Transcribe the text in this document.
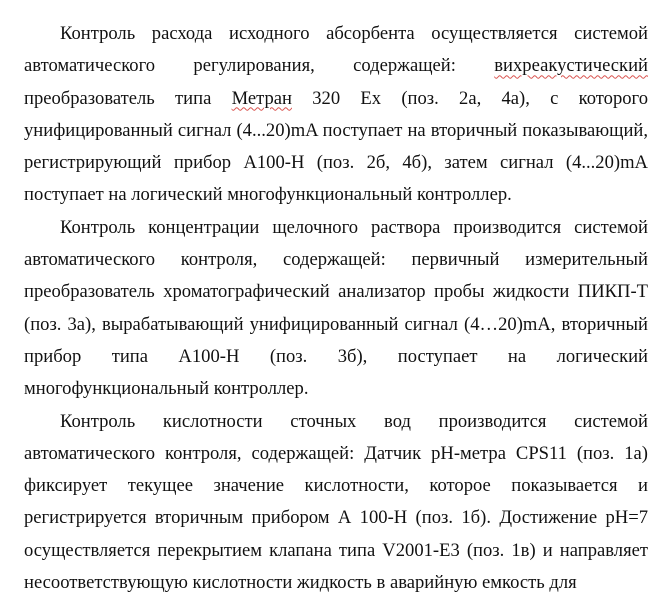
Контроль расхода исходного абсорбента осуществляется системой автоматического регулирования, содержащей: вихреакустический преобразователь типа Метран 320 Ex (поз. 2а, 4а), с которого унифицированный сигнал (4...20)mA поступает на вторичный показывающий, регистрирующий прибор А100-Н (поз. 2б, 4б), затем сигнал (4...20)mA поступает на логический многофункциональный контроллер.

Контроль концентрации щелочного раствора производится системой автоматического контроля, содержащей: первичный измерительный преобразователь хроматографический анализатор пробы жидкости ПИКП-Т (поз. 3а), вырабатывающий унифицированный сигнал (4…20)mA, вторичный прибор типа А100-Н (поз. 3б), поступает на логический многофункциональный контроллер.

Контроль кислотности сточных вод производится системой автоматического контроля, содержащей: Датчик pH-метра CPS11 (поз. 1а) фиксирует текущее значение кислотности, которое показывается и регистрируется вторичным прибором А 100-Н (поз. 1б). Достижение pH=7 осуществляется перекрытием клапана типа V2001-E3 (поз. 1в) и направляет несоответствующую кислотности жидкость в аварийную емкость для
